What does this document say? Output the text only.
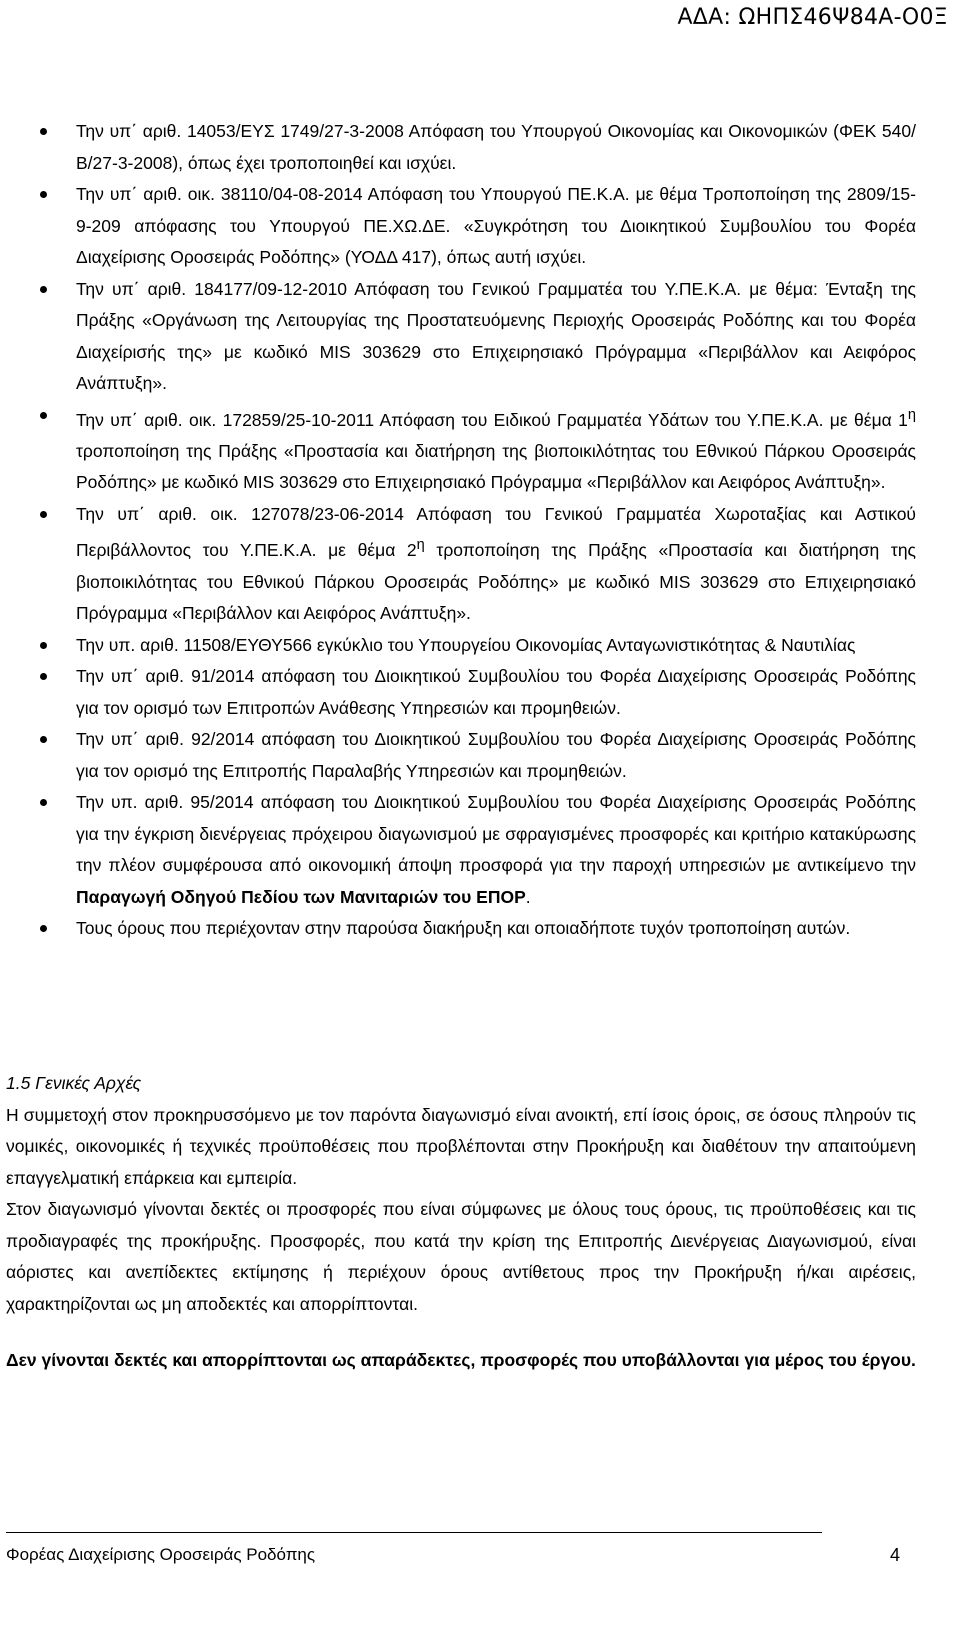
ΑΔΑ: ΩΗΠΣ46Ψ84Α-Ο0Ξ
Την υπ΄ αριθ. 14053/ΕΥΣ 1749/27-3-2008 Απόφαση του Υπουργού Οικονομίας και Οικονομικών (ΦΕΚ 540/Β/27-3-2008), όπως έχει τροποποιηθεί και ισχύει.
Την υπ΄ αριθ. οικ. 38110/04-08-2014 Απόφαση του Υπουργού ΠΕ.Κ.Α. με θέμα Τροποποίηση της 2809/15-9-209 απόφασης του Υπουργού ΠΕ.ΧΩ.ΔΕ. «Συγκρότηση του Διοικητικού Συμβουλίου του Φορέα Διαχείρισης Οροσειράς Ροδόπης» (ΥΟΔΔ 417), όπως αυτή ισχύει.
Την υπ΄ αριθ. 184177/09-12-2010 Απόφαση του Γενικού Γραμματέα του Υ.ΠΕ.Κ.Α. με θέμα: Ένταξη της Πράξης «Οργάνωση της Λειτουργίας της Προστατευόμενης Περιοχής Οροσειράς Ροδόπης και του Φορέα Διαχείρισής της» με κωδικό MIS 303629 στο Επιχειρησιακό Πρόγραμμα «Περιβάλλον και Αειφόρος Ανάπτυξη».
Την υπ΄ αριθ. οικ. 172859/25-10-2011 Απόφαση του Ειδικού Γραμματέα Υδάτων του Υ.ΠΕ.Κ.Α. με θέμα $1^\eta$ τροποποίηση της Πράξης «Προστασία και διατήρηση της βιοποικιλότητας του Εθνικού Πάρκου Οροσειράς Ροδόπης» με κωδικό MIS 303629 στο Επιχειρησιακό Πρόγραμμα «Περιβάλλον και Αειφόρος Ανάπτυξη».
Την υπ΄ αριθ. οικ. 127078/23-06-2014 Απόφαση του Γενικού Γραμματέα Χωροταξίας και Αστικού Περιβάλλοντος του Υ.ΠΕ.Κ.Α. με θέμα $2^\eta$ τροποποίηση της Πράξης «Προστασία και διατήρηση της βιοποικιλότητας του Εθνικού Πάρκου Οροσειράς Ροδόπης» με κωδικό MIS 303629 στο Επιχειρησιακό Πρόγραμμα «Περιβάλλον και Αειφόρος Ανάπτυξη».
Την υπ. αριθ. 11508/ΕΥΘΥ566 εγκύκλιο του Υπουργείου Οικονομίας Ανταγωνιστικότητας & Ναυτιλίας
Την υπ΄ αριθ. 91/2014 απόφαση του Διοικητικού Συμβουλίου του Φορέα Διαχείρισης Οροσειράς Ροδόπης για τον ορισμό των Επιτροπών Ανάθεσης Υπηρεσιών και προμηθειών.
Την υπ΄ αριθ. 92/2014 απόφαση του Διοικητικού Συμβουλίου του Φορέα Διαχείρισης Οροσειράς Ροδόπης για τον ορισμό της Επιτροπής Παραλαβής Υπηρεσιών και προμηθειών.
Την υπ. αριθ. 95/2014 απόφαση του Διοικητικού Συμβουλίου του Φορέα Διαχείρισης Οροσειράς Ροδόπης για την έγκριση διενέργειας πρόχειρου διαγωνισμού με σφραγισμένες προσφορές και κριτήριο κατακύρωσης την πλέον συμφέρουσα από οικονομική άποψη προσφορά για την παροχή υπηρεσιών με αντικείμενο την Παραγωγή Οδηγού Πεδίου των Μανιταριών του ΕΠΟΡ.
Τους όρους που περιέχονταν στην παρούσα διακήρυξη και οποιαδήποτε τυχόν τροποποίηση αυτών.

1.5 Γενικές Αρχές

Η συμμετοχή στον προκηρυσσόμενο με τον παρόντα διαγωνισμό είναι ανοικτή, επί ίσοις όροις, σε όσους πληρούν τις νομικές, οικονομικές ή τεχνικές προϋποθέσεις που προβλέπονται στην Προκήρυξη και διαθέτουν την απαιτούμενη επαγγελματική επάρκεια και εμπειρία.

Στον διαγωνισμό γίνονται δεκτές οι προσφορές που είναι σύμφωνες με όλους τους όρους, τις προϋποθέσεις και τις προδιαγραφές της προκήρυξης. Προσφορές, που κατά την κρίση της Επιτροπής Διενέργειας Διαγωνισμού, είναι αόριστες και ανεπίδεκτες εκτίμησης ή περιέχουν όρους αντίθετους προς την Προκήρυξη ή/και αιρέσεις, χαρακτηρίζονται ως μη αποδεκτές και απορρίπτονται.

Δεν γίνονται δεκτές και απορρίπτονται ως απαράδεκτες, προσφορές που υποβάλλονται για μέρος του έργου.

Φορέας Διαχείρισης Οροσειράς Ροδόπης	4
